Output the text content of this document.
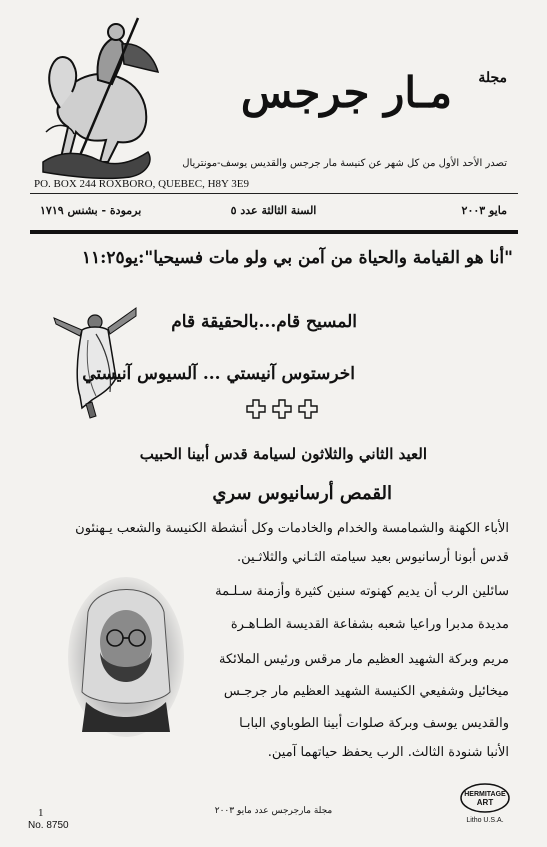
مجلة
مـار جرجس
تصدر الأحد الأول من كل شهر عن كنيسة مار جرجس والقديس يوسف-مونتريال
PO. BOX 244 ROXBORO, QUEBEC, H8Y 3E9
مايو ٢٠٠٣
السنة الثالثة عدد ٥
برمودة - بشنس ١٧١٩
"أنا هو القيامة والحياة من آمن بي ولو مات فسيحيا":يو١١:٢٥
المسيح قام...بالحقيقة قام
اخرستوس آنيستي ... آلسيوس آنيستي
العيد الثاني والثلاثون لسيامة قدس أبينا الحبيب
القمص أرسانيوس سري
الأباء الكهنة والشمامسة والخدام والخادمات وكل أنشطة الكنيسة والشعب يـهنئون
قدس أبونا أرسانيوس بعيد سيامته الثـاني والثلاثـين.
سائلين الرب أن يديم كهنوته سنين كثيرة وأزمنة سـلـمة
مديدة مدبرا وراعيا شعبه بشفاعة القديسة الطـاهـرة
مريم وبركة الشهيد العظيم مار مرقس ورئيس الملائكة
ميخائيل وشفيعي الكنيسة الشهيد العظيم مار جرجـس
والقديس يوسف وبركة صلوات أبينا الطوباوي البابـا
الأنبا شنودة الثالث. الرب يحفظ حياتهما آمين.
1
No. 8750
مجلة مارجرجس عدد مايو ٢٠٠٣
HERMITAGE
ART
Litho U.S.A.
